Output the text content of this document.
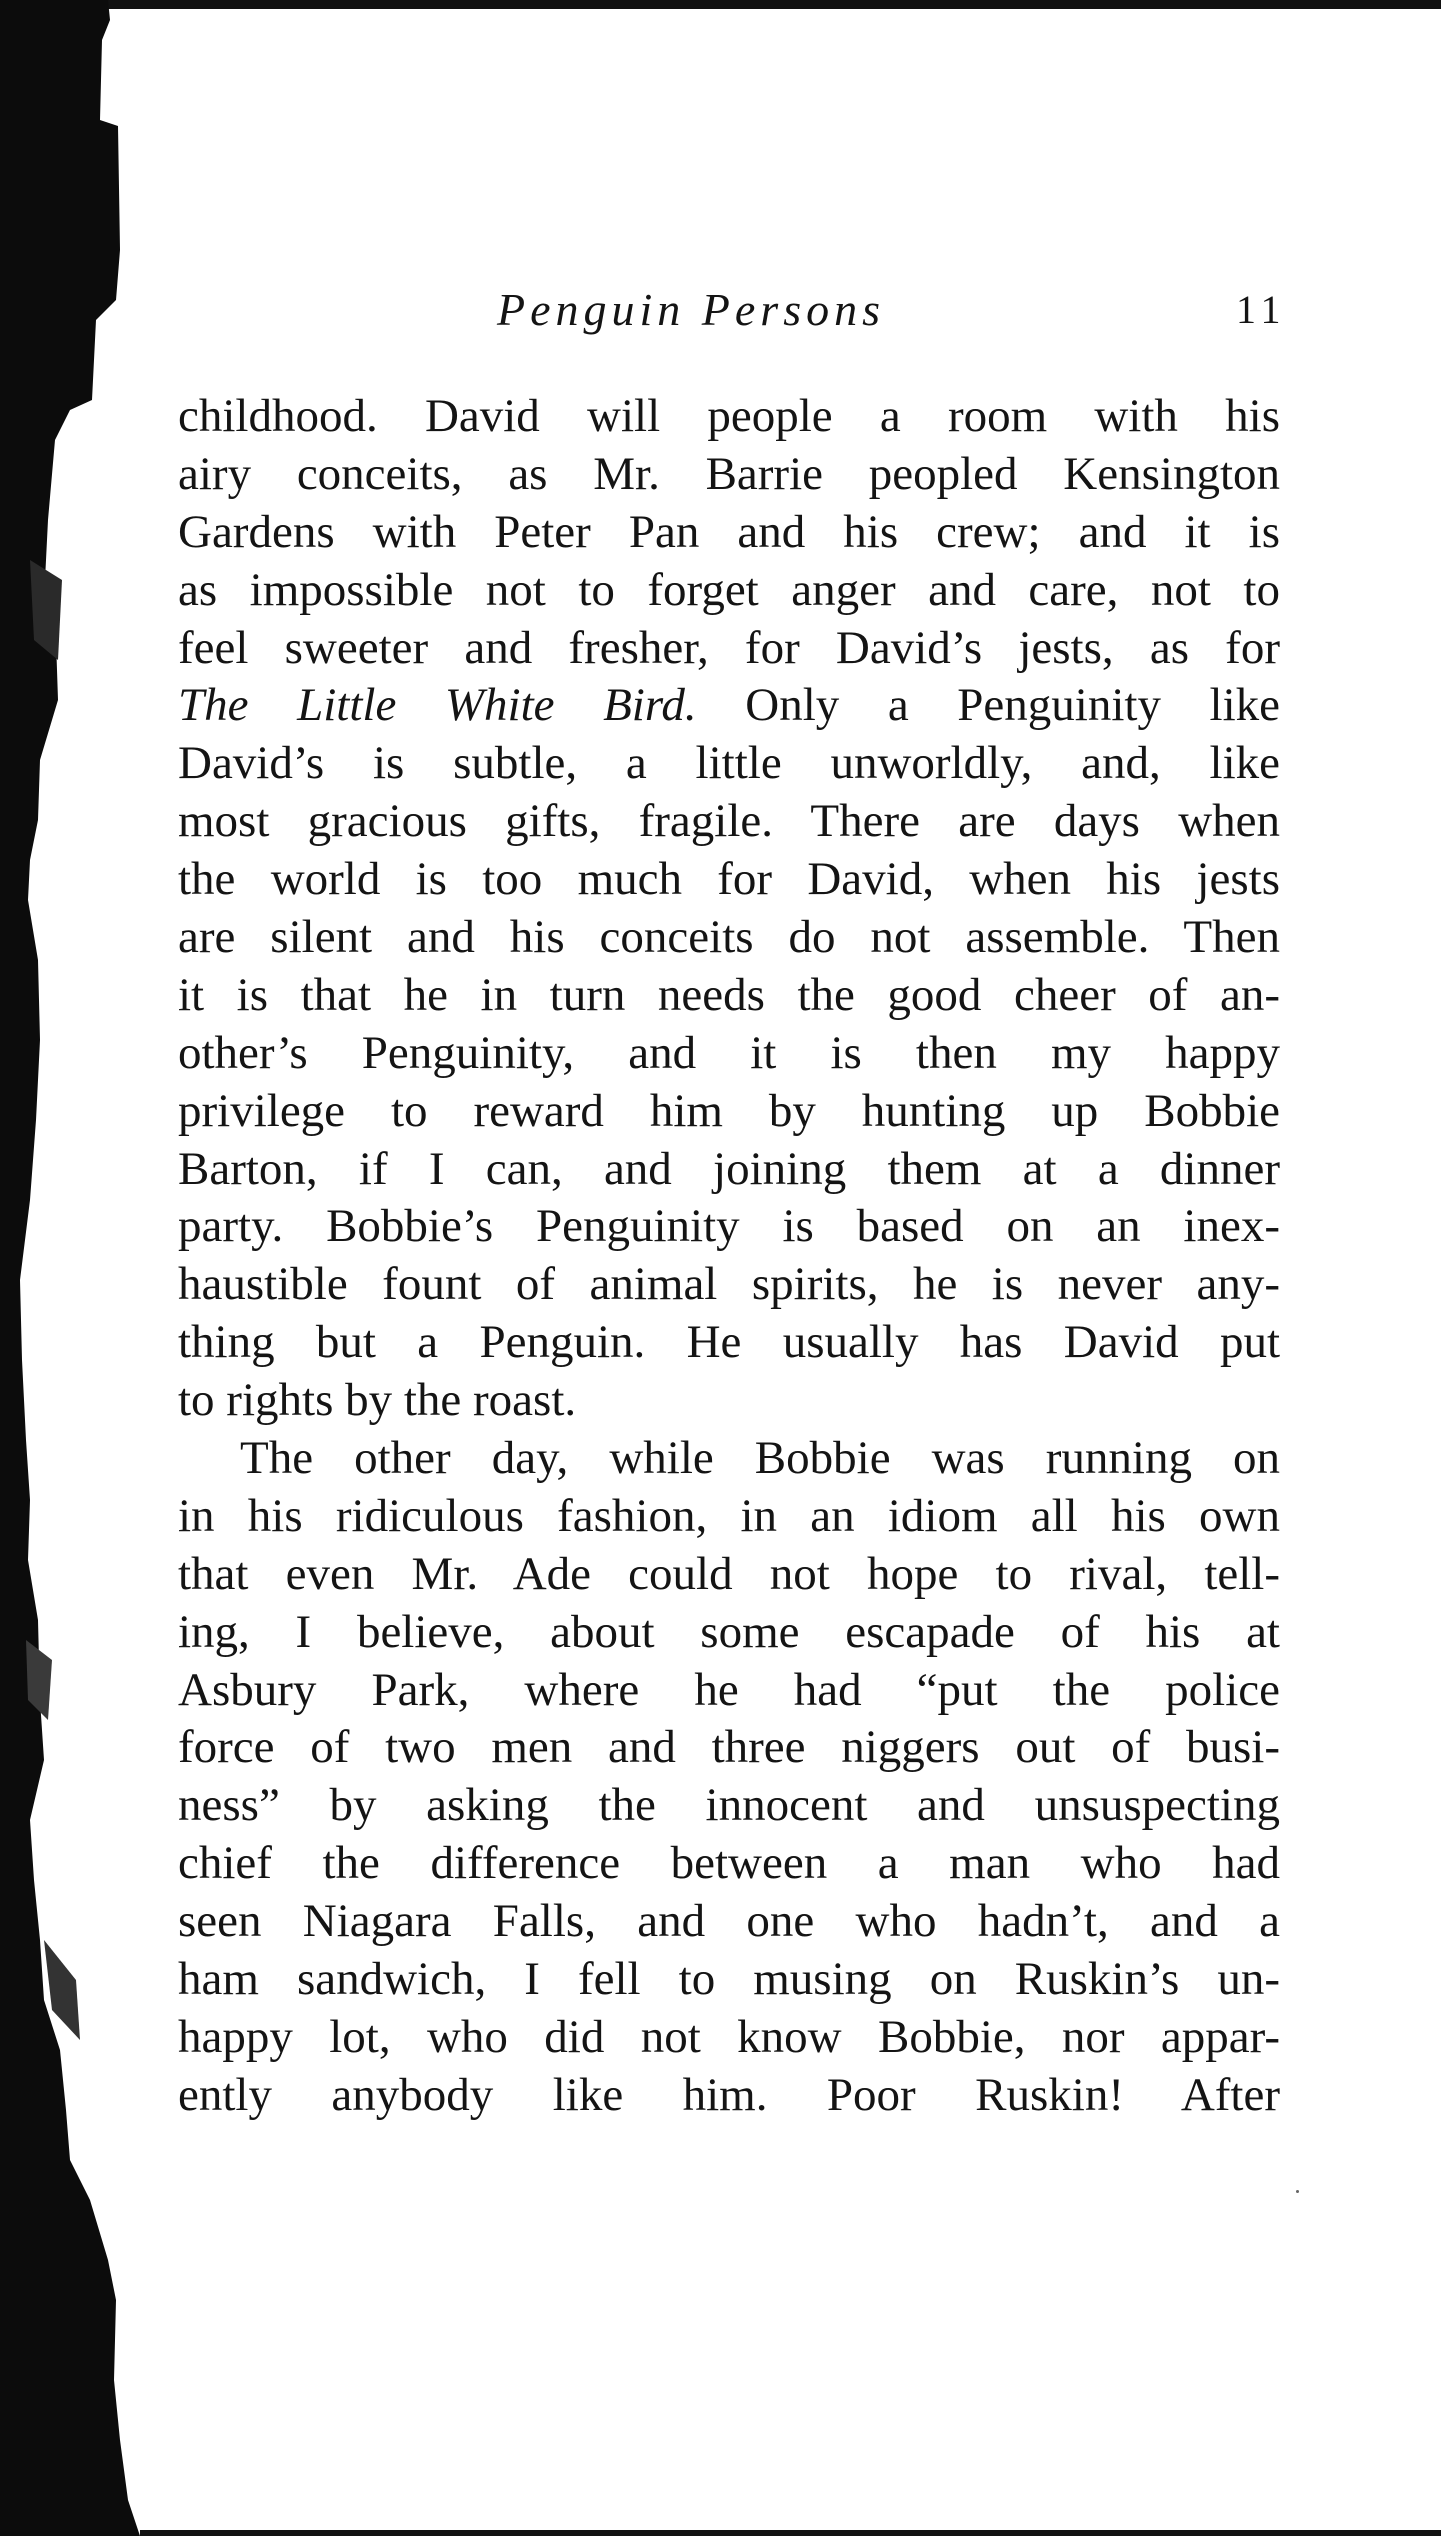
Penguin Persons	11
childhood. David will people a room with his
airy conceits, as Mr. Barrie peopled Kensington
Gardens with Peter Pan and his crew; and it is
as impossible not to forget anger and care, not to
feel sweeter and fresher, for David’s jests, as for
The Little White Bird. Only a Penguinity like
David’s is subtle, a little unworldly, and, like
most gracious gifts, fragile. There are days when
the world is too much for David, when his jests
are silent and his conceits do not assemble. Then
it is that he in turn needs the good cheer of an-
other’s Penguinity, and it is then my happy
privilege to reward him by hunting up Bobbie
Barton, if I can, and joining them at a dinner
party. Bobbie’s Penguinity is based on an inex-
haustible fount of animal spirits, he is never any-
thing but a Penguin. He usually has David put
to rights by the roast.
The other day, while Bobbie was running on
in his ridiculous fashion, in an idiom all his own
that even Mr. Ade could not hope to rival, tell-
ing, I believe, about some escapade of his at
Asbury Park, where he had “put the police
force of two men and three niggers out of busi-
ness” by asking the innocent and unsuspecting
chief the difference between a man who had
seen Niagara Falls, and one who hadn’t, and a
ham sandwich, I fell to musing on Ruskin’s un-
happy lot, who did not know Bobbie, nor appar-
ently anybody like him. Poor Ruskin! After
